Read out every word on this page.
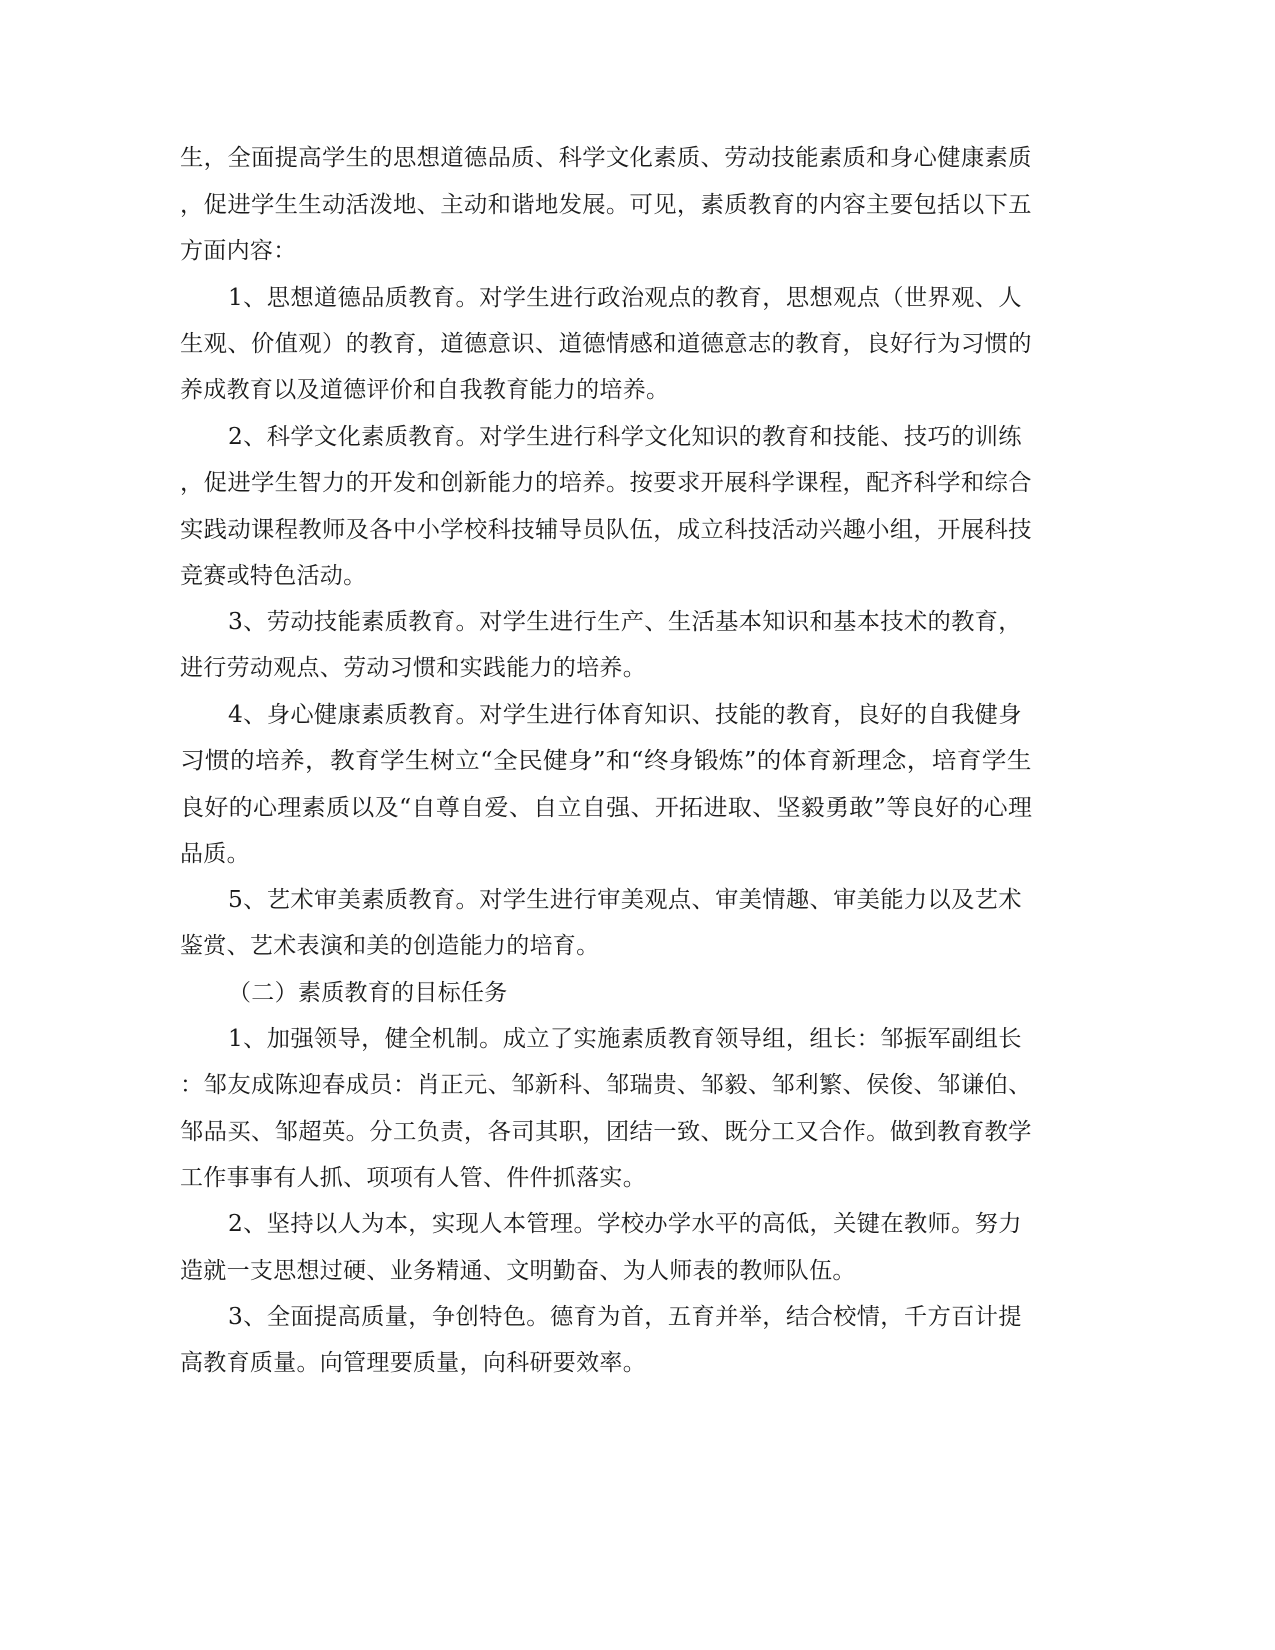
生，全面提高学生的思想道德品质、科学文化素质、劳动技能素质和身心健康素质

，促进学生生动活泼地、主动和谐地发展。可见，素质教育的内容主要包括以下五

方面内容：

1、思想道德品质教育。对学生进行政治观点的教育，思想观点（世界观、人

生观、价值观）的教育，道德意识、道德情感和道德意志的教育，良好行为习惯的

养成教育以及道德评价和自我教育能力的培养。

2、科学文化素质教育。对学生进行科学文化知识的教育和技能、技巧的训练

，促进学生智力的开发和创新能力的培养。按要求开展科学课程，配齐科学和综合

实践动课程教师及各中小学校科技辅导员队伍，成立科技活动兴趣小组，开展科技

竞赛或特色活动。

3、劳动技能素质教育。对学生进行生产、生活基本知识和基本技术的教育，

进行劳动观点、劳动习惯和实践能力的培养。

4、身心健康素质教育。对学生进行体育知识、技能的教育，良好的自我健身

习惯的培养，教育学生树立“全民健身”和“终身锻炼”的体育新理念，培育学生

良好的心理素质以及“自尊自爱、自立自强、开拓进取、坚毅勇敢”等良好的心理

品质。

5、艺术审美素质教育。对学生进行审美观点、审美情趣、审美能力以及艺术

鉴赏、艺术表演和美的创造能力的培育。

（二）素质教育的目标任务

1、加强领导，健全机制。成立了实施素质教育领导组，组长：邹振军副组长

：邹友成陈迎春成员：肖正元、邹新科、邹瑞贵、邹毅、邹利繁、侯俊、邹谦伯、

邹品买、邹超英。分工负责，各司其职，团结一致、既分工又合作。做到教育教学

工作事事有人抓、项项有人管、件件抓落实。

2、坚持以人为本，实现人本管理。学校办学水平的高低，关键在教师。努力

造就一支思想过硬、业务精通、文明勤奋、为人师表的教师队伍。

3、全面提高质量，争创特色。德育为首，五育并举，结合校情，千方百计提

高教育质量。向管理要质量，向科研要效率。
